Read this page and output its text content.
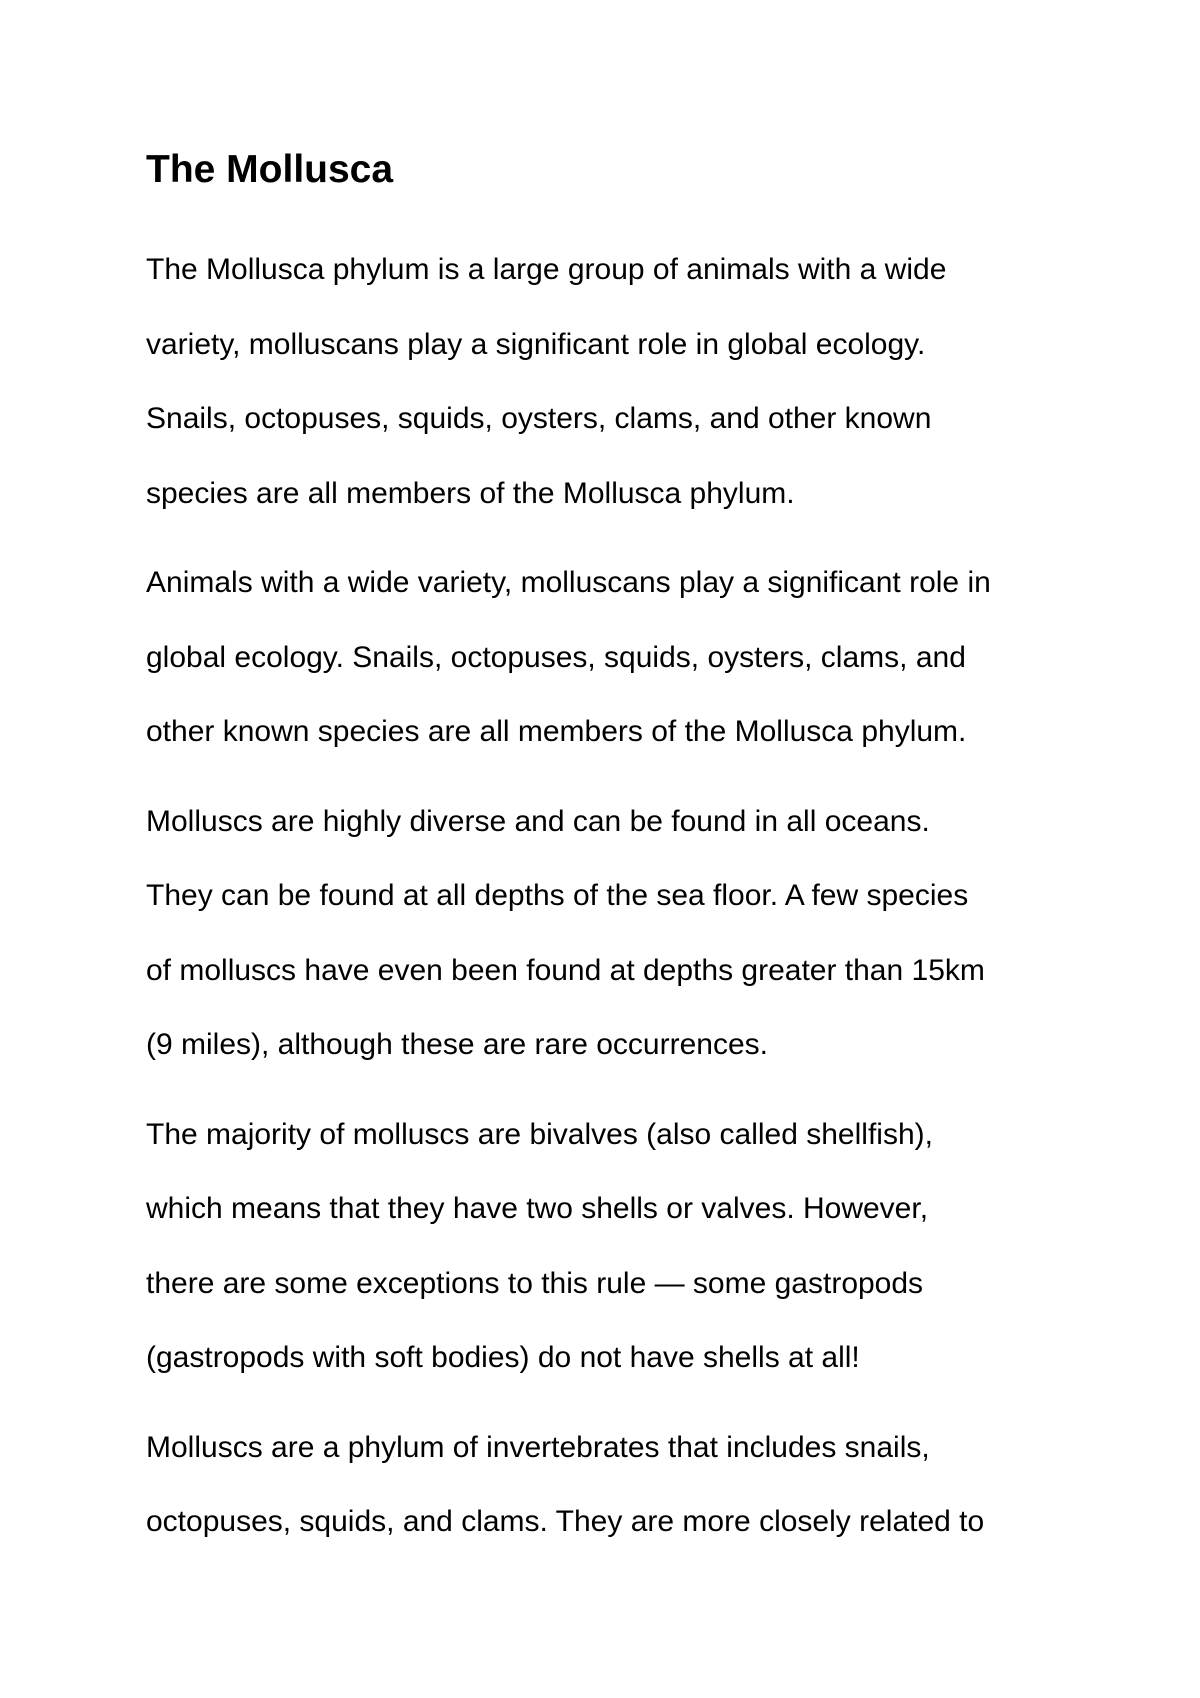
The Mollusca

The Mollusca phylum is a large group of animals with a wide
variety, molluscans play a significant role in global ecology.
Snails, octopuses, squids, oysters, clams, and other known
species are all members of the Mollusca phylum.

Animals with a wide variety, molluscans play a significant role in
global ecology. Snails, octopuses, squids, oysters, clams, and
other known species are all members of the Mollusca phylum.

Molluscs are highly diverse and can be found in all oceans.
They can be found at all depths of the sea floor. A few species
of molluscs have even been found at depths greater than 15km
(9 miles), although these are rare occurrences.

The majority of molluscs are bivalves (also called shellfish),
which means that they have two shells or valves. However,
there are some exceptions to this rule — some gastropods
(gastropods with soft bodies) do not have shells at all!

Molluscs are a phylum of invertebrates that includes snails,
octopuses, squids, and clams. They are more closely related to
